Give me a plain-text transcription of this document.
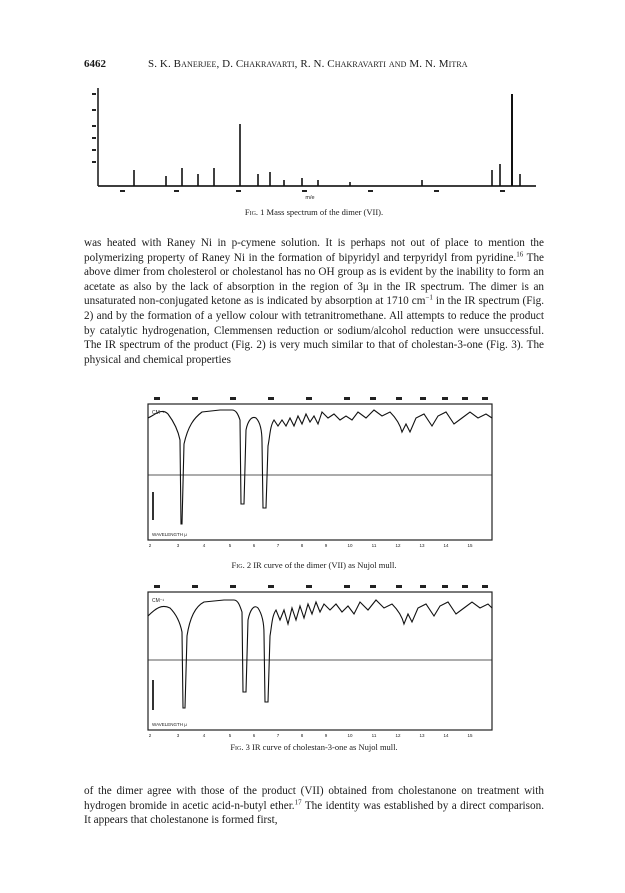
6462	S. K. Banerjee, D. Chakravarti, R. N. Chakravarti and M. N. Mitra
m/e
Fig. 1 Mass spectrum of the dimer (VII).

was heated with Raney Ni in p-cymene solution. It is perhaps not out of place to mention the polymerizing property of Raney Ni in the formation of bipyridyl and terpyridyl from pyridine.$^{16}$ The above dimer from cholesterol or cholestanol has no OH group as is evident by the inability to form an acetate as also by the lack of absorption in the region of 3μ in the IR spectrum. The dimer is an unsaturated non-conjugated ketone as is indicated by absorption at 1710 $cm^{-1}$ in the IR spectrum (Fig. 2) and by the formation of a yellow colour with tetranitromethane. All attempts to reduce the product by catalytic hydrogenation, Clemmensen reduction or sodium/alcohol reduction were unsuccessful. The IR spectrum of the product (Fig. 2) is very much similar to that of cholestan-3-one (Fig. 3). The physical and chemical properties

CM⁻¹
WAVELENGTH μ
2	3	4	5	6	7	8	9	10	11	12	13	14	15
Fig. 2 IR curve of the dimer (VII) as Nujol mull.
CM⁻¹
WAVELENGTH μ
2	3	4	5	6	7	8	9	10	11	12	13	14	15
Fig. 3 IR curve of cholestan-3-one as Nujol mull.

of the dimer agree with those of the product (VII) obtained from cholestanone on treatment with hydrogen bromide in acetic acid-n-butyl ether.$^{17}$ The identity was established by a direct comparison. It appears that cholestanone is formed first,
